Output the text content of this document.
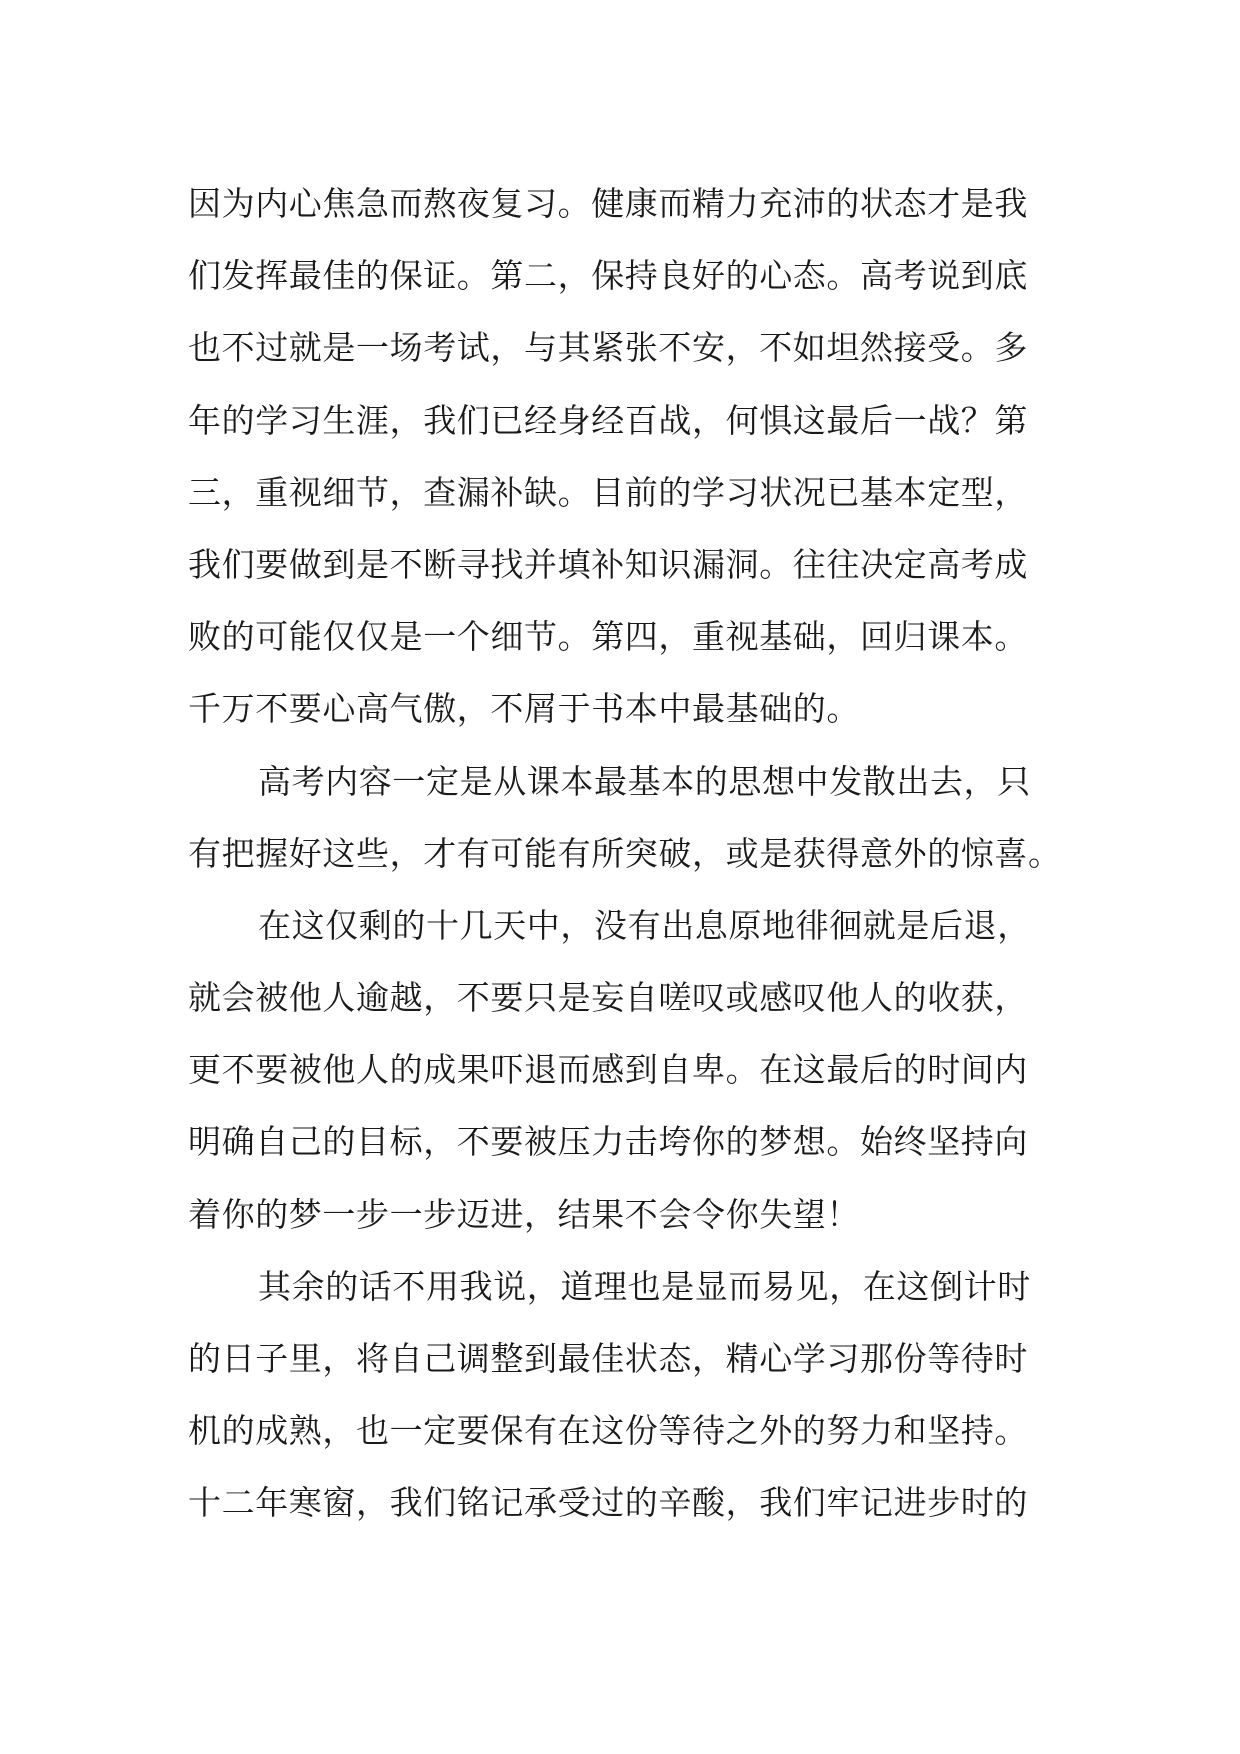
因为内心焦急而熬夜复习。健康而精力充沛的状态才是我
们发挥最佳的保证。第二，保持良好的心态。高考说到底
也不过就是一场考试，与其紧张不安，不如坦然接受。多
年的学习生涯，我们已经身经百战，何惧这最后一战？第
三，重视细节，查漏补缺。目前的学习状况已基本定型，
我们要做到是不断寻找并填补知识漏洞。往往决定高考成
败的可能仅仅是一个细节。第四，重视基础，回归课本。
千万不要心高气傲，不屑于书本中最基础的。
高考内容一定是从课本最基本的思想中发散出去，只
有把握好这些，才有可能有所突破，或是获得意外的惊喜。
在这仅剩的十几天中，没有出息原地徘徊就是后退，
就会被他人逾越，不要只是妄自嗟叹或感叹他人的收获，
更不要被他人的成果吓退而感到自卑。在这最后的时间内
明确自己的目标，不要被压力击垮你的梦想。始终坚持向
着你的梦一步一步迈进，结果不会令你失望！
其余的话不用我说，道理也是显而易见，在这倒计时
的日子里，将自己调整到最佳状态，精心学习那份等待时
机的成熟，也一定要保有在这份等待之外的努力和坚持。
十二年寒窗，我们铭记承受过的辛酸，我们牢记进步时的
